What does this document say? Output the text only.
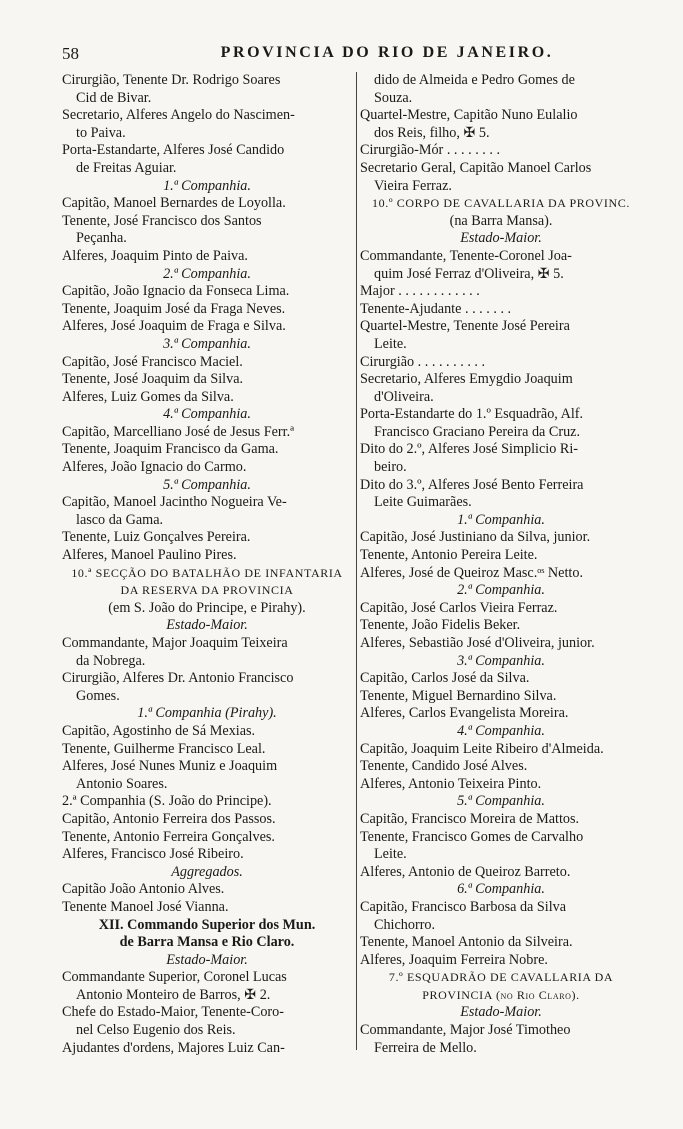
58	PROVINCIA DO RIO DE JANEIRO.
Cirurgião, Tenente Dr. Rodrigo Soares
Cid de Bivar.
Secretario, Alferes Angelo do Nascimen-
to Paiva.
Porta-Estandarte, Alferes José Candido
de Freitas Aguiar.
1.ª Companhia.
Capitão, Manoel Bernardes de Loyolla.
Tenente, José Francisco dos Santos
Peçanha.
Alferes, Joaquim Pinto de Paiva.
2.ª Companhia.
Capitão, João Ignacio da Fonseca Lima.
Tenente, Joaquim José da Fraga Neves.
Alferes, José Joaquim de Fraga e Silva.
3.ª Companhia.
Capitão, José Francisco Maciel.
Tenente, José Joaquim da Silva.
Alferes, Luiz Gomes da Silva.
4.ª Companhia.
Capitão, Marcelliano José de Jesus Ferr.ª
Tenente, Joaquim Francisco da Gama.
Alferes, João Ignacio do Carmo.
5.ª Companhia.
Capitão, Manoel Jacintho Nogueira Ve-
lasco da Gama.
Tenente, Luiz Gonçalves Pereira.
Alferes, Manoel Paulino Pires.
10.ª SECÇÃO DO BATALHÃO DE INFANTARIA
DA RESERVA DA PROVINCIA
(em S. João do Principe, e Pirahy).
Estado-Maior.
Commandante, Major Joaquim Teixeira
da Nobrega.
Cirurgião, Alferes Dr. Antonio Francisco
Gomes.
1.ª Companhia (Pirahy).
Capitão, Agostinho de Sá Mexias.
Tenente, Guilherme Francisco Leal.
Alferes, José Nunes Muniz e Joaquim
Antonio Soares.
2.ª Companhia (S. João do Principe).
Capitão, Antonio Ferreira dos Passos.
Tenente, Antonio Ferreira Gonçalves.
Alferes, Francisco José Ribeiro.
Aggregados.
Capitão João Antonio Alves.
Tenente Manoel José Vianna.
XII. Commando Superior dos Mun.
de Barra Mansa e Rio Claro.
Estado-Maior.
Commandante Superior, Coronel Lucas
Antonio Monteiro de Barros, ✠ 2.
Chefe do Estado-Maior, Tenente-Coro-
nel Celso Eugenio dos Reis.
Ajudantes d'ordens, Majores Luiz Can-
dido de Almeida e Pedro Gomes de
Souza.
Quartel-Mestre, Capitão Nuno Eulalio
dos Reis, filho, ✠ 5.
Cirurgião-Mór . . . . . . . .
Secretario Geral, Capitão Manoel Carlos
Vieira Ferraz.
10.º CORPO DE CAVALLARIA DA PROVINC.
(na Barra Mansa).
Estado-Maior.
Commandante, Tenente-Coronel Joa-
quim José Ferraz d'Oliveira, ✠ 5.
Major . . . . . . . . . . . .
Tenente-Ajudante . . . . . . .
Quartel-Mestre, Tenente José Pereira
Leite.
Cirurgião . . . . . . . . . .
Secretario, Alferes Emygdio Joaquim
d'Oliveira.
Porta-Estandarte do 1.º Esquadrão, Alf.
Francisco Graciano Pereira da Cruz.
Dito do 2.º, Alferes José Simplicio Ri-
beiro.
Dito do 3.º, Alferes José Bento Ferreira
Leite Guimarães.
1.ª Companhia.
Capitão, José Justiniano da Silva, junior.
Tenente, Antonio Pereira Leite.
Alferes, José de Queiroz Masc.ᵒˢ Netto.
2.ª Companhia.
Capitão, José Carlos Vieira Ferraz.
Tenente, João Fidelis Beker.
Alferes, Sebastião José d'Oliveira, junior.
3.ª Companhia.
Capitão, Carlos José da Silva.
Tenente, Miguel Bernardino Silva.
Alferes, Carlos Evangelista Moreira.
4.ª Companhia.
Capitão, Joaquim Leite Ribeiro d'Almeida.
Tenente, Candido José Alves.
Alferes, Antonio Teixeira Pinto.
5.ª Companhia.
Capitão, Francisco Moreira de Mattos.
Tenente, Francisco Gomes de Carvalho
Leite.
Alferes, Antonio de Queiroz Barreto.
6.ª Companhia.
Capitão, Francisco Barbosa da Silva
Chichorro.
Tenente, Manoel Antonio da Silveira.
Alferes, Joaquim Ferreira Nobre.
7.º ESQUADRÃO DE CAVALLARIA DA
PROVINCIA (no Rio Claro).
Estado-Maior.
Commandante, Major José Timotheo
Ferreira de Mello.
